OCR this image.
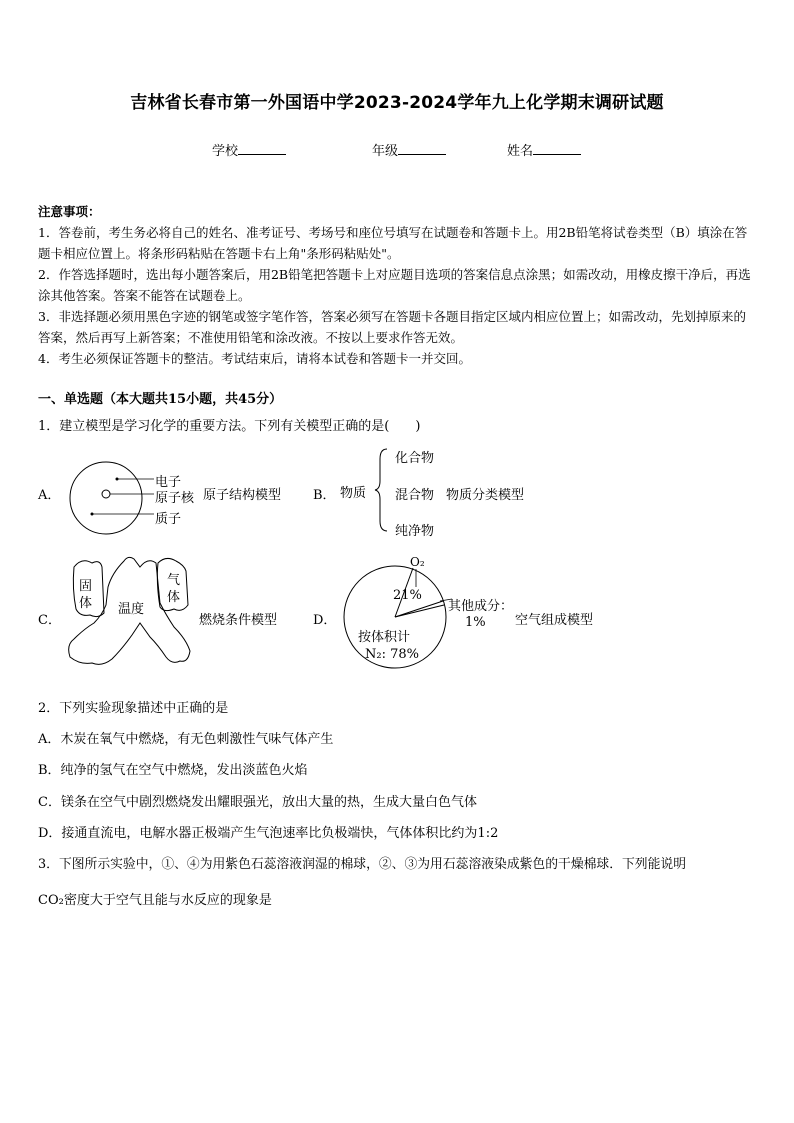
吉林省长春市第一外国语中学2023-2024学年九上化学期末调研试题
学校	年级	姓名

注意事项：

1．答卷前，考生务必将自己的姓名、准考证号、考场号和座位号填写在试题卷和答题卡上。用2B铅笔将试卷类型（B）填涂在答题卡相应位置上。将条形码粘贴在答题卡右上角"条形码粘贴处"。

2．作答选择题时，选出每小题答案后，用2B铅笔把答题卡上对应题目选项的答案信息点涂黑；如需改动，用橡皮擦干净后，再选涂其他答案。答案不能答在试题卷上。

3．非选择题必须用黑色字迹的钢笔或签字笔作答，答案必须写在答题卡各题目指定区域内相应位置上；如需改动，先划掉原来的答案，然后再写上新答案；不准使用铅笔和涂改液。不按以上要求作答无效。

4．考生必须保证答题卡的整洁。考试结束后，请将本试卷和答题卡一并交回。

一、单选题（本大题共15小题，共45分）
1．建立模型是学习化学的重要方法。下列有关模型正确的是(　　)
A．
电子
原子核
质子
原子结构模型 B． 物质
化合物
混合物
纯净物
物质分类模型
C．
固体 温度
气体
燃烧条件模型	D．
O₂
21%
其他成分：
1%
按体积计
N₂: 78%
空气组成模型
2．下列实验现象描述中正确的是
A．木炭在氧气中燃烧，有无色刺激性气味气体产生
B．纯净的氢气在空气中燃烧，发出淡蓝色火焰
C．镁条在空气中剧烈燃烧发出耀眼强光，放出大量的热，生成大量白色气体
D．接通直流电，电解水器正极端产生气泡速率比负极端快，气体体积比约为1:2
3．下图所示实验中，①、④为用紫色石蕊溶液润湿的棉球，②、③为用石蕊溶液染成紫色的干燥棉球．下列能说明
CO₂密度大于空气且能与水反应的现象是
